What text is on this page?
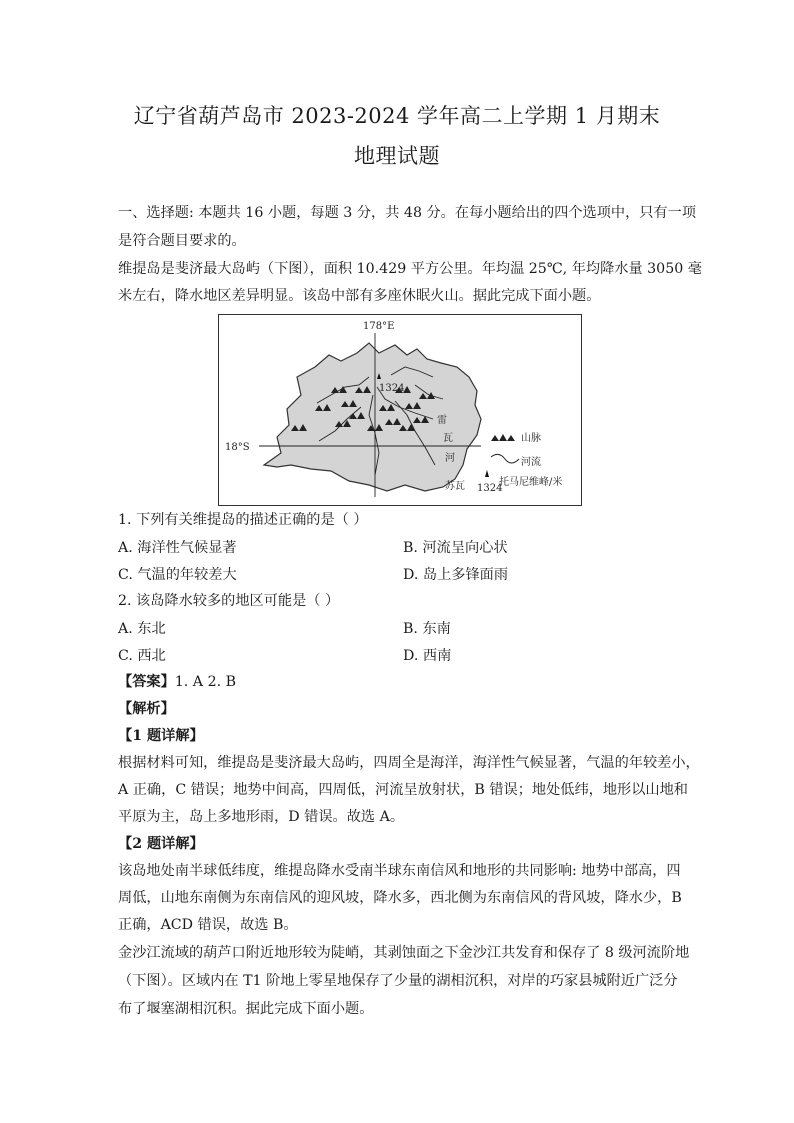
辽宁省葫芦岛市 2023-2024 学年高二上学期 1 月期末
地理试题
一、选择题: 本题共 16 小题，每题 3 分，共 48 分。在每小题给出的四个选项中，只有一项
是符合题目要求的。
维提岛是斐济最大岛屿（下图），面积 10.429 平方公里。年均温 25℃, 年均降水量 3050 毫
米左右，降水地区差异明显。该岛中部有多座休眠火山。据此完成下面小题。
1324
178°E
18°S
雷
瓦
河
苏瓦
山脉
河流
1324
托马尼维峰/米
1. 下列有关维提岛的描述正确的是（ ）
A. 海洋性气候显著	B. 河流呈向心状
C. 气温的年较差大	D. 岛上多锋面雨
2. 该岛降水较多的地区可能是（ ）
A. 东北	B. 东南
C. 西北	D. 西南
【答案】1. A 2. B
【解析】
【1 题详解】
根据材料可知，维提岛是斐济最大岛屿，四周全是海洋，海洋性气候显著，气温的年较差小，
A 正确，C 错误；地势中间高，四周低，河流呈放射状，B 错误；地处低纬，地形以山地和
平原为主，岛上多地形雨，D 错误。故选 A。
【2 题详解】
该岛地处南半球低纬度，维提岛降水受南半球东南信风和地形的共同影响: 地势中部高，四
周低，山地东南侧为东南信风的迎风坡，降水多，西北侧为东南信风的背风坡，降水少，B
正确，ACD 错误，故选 B。
金沙江流域的葫芦口附近地形较为陡峭，其剥蚀面之下金沙江共发育和保存了 8 级河流阶地
（下图）。区域内在 T1 阶地上零星地保存了少量的湖相沉积，对岸的巧家县城附近广泛分
布了堰塞湖相沉积。据此完成下面小题。
